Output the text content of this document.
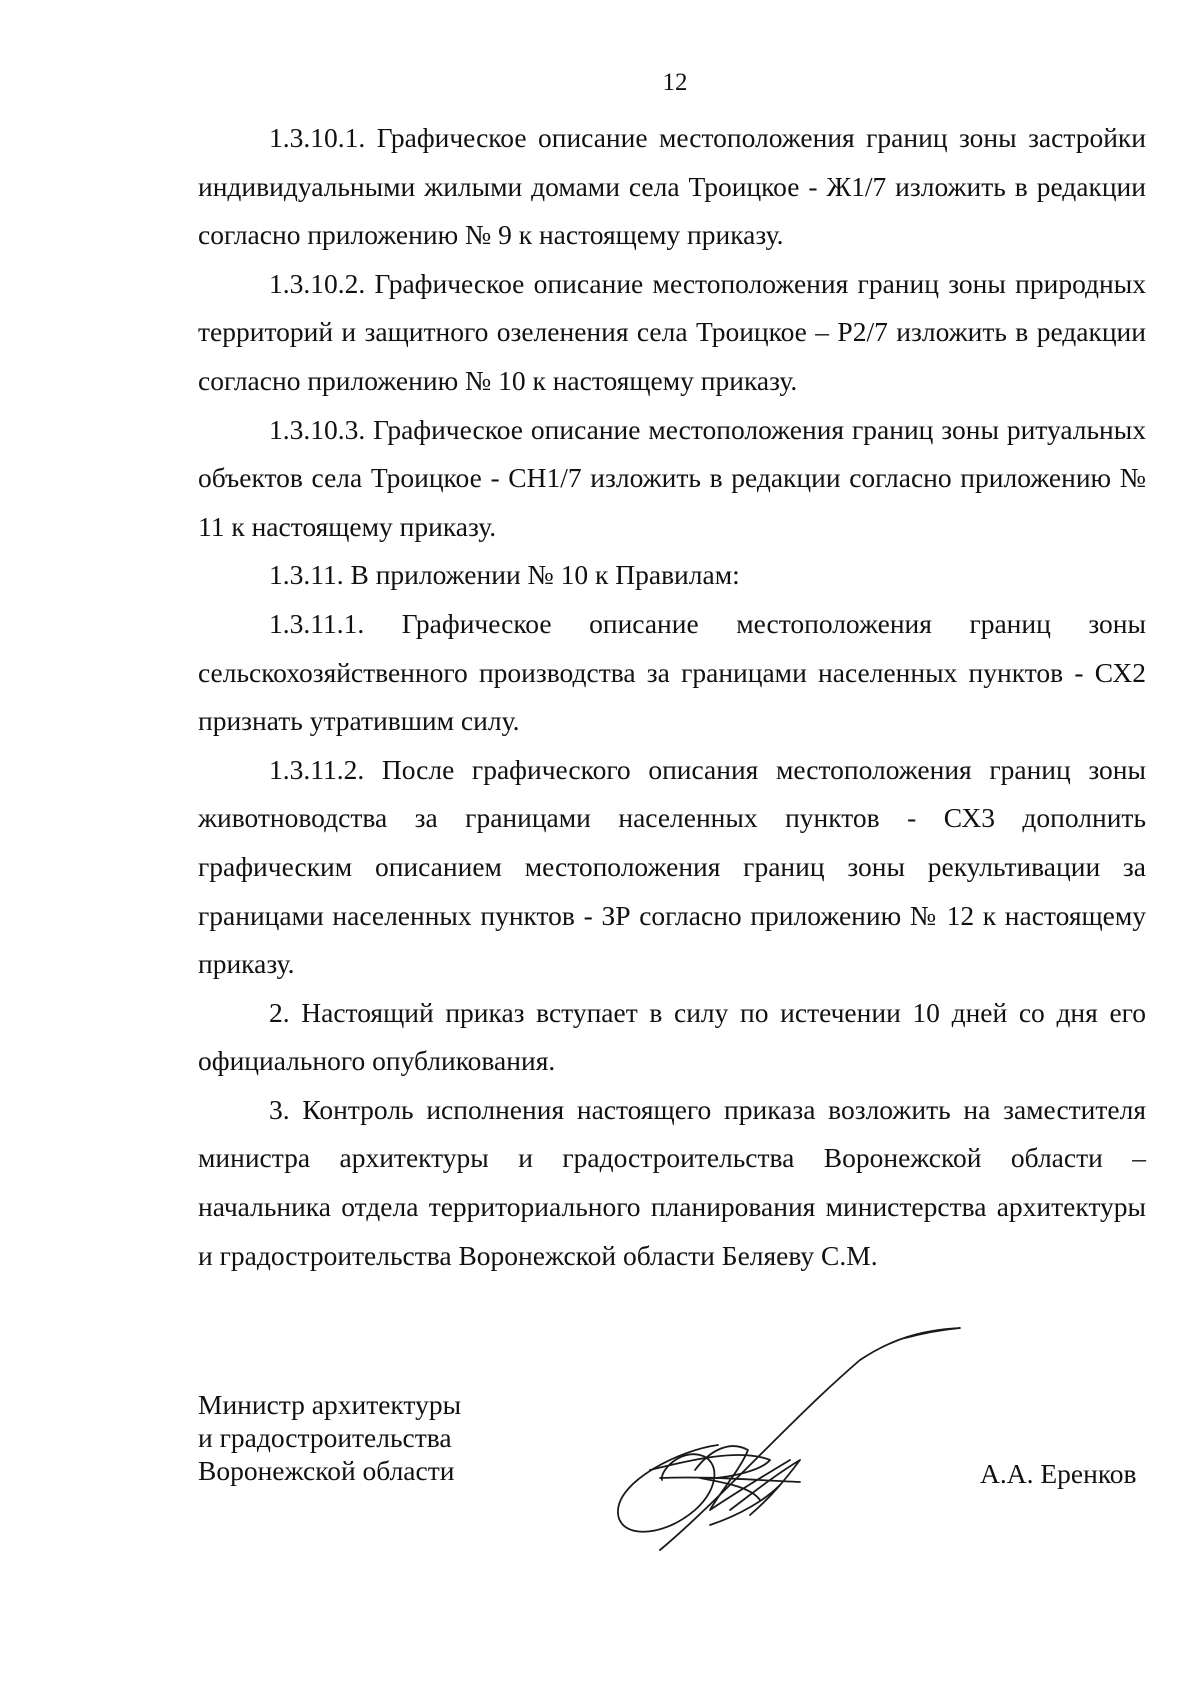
12

1.3.10.1. Графическое описание местоположения границ зоны застройки индивидуальными жилыми домами села Троицкое - Ж1/7 изложить в редакции согласно приложению № 9 к настоящему приказу.

1.3.10.2. Графическое описание местоположения границ зоны природных территорий и защитного озеленения села Троицкое – Р2/7 изложить в редакции согласно приложению № 10 к настоящему приказу.

1.3.10.3. Графическое описание местоположения границ зоны ритуальных объектов села Троицкое - СН1/7 изложить в редакции согласно приложению № 11 к настоящему приказу.

1.3.11. В приложении № 10 к Правилам:

1.3.11.1. Графическое описание местоположения границ зоны сельскохозяйственного производства за границами населенных пунктов - СХ2 признать утратившим силу.

1.3.11.2. После графического описания местоположения границ зоны животноводства за границами населенных пунктов - СХ3 дополнить графическим описанием местоположения границ зоны рекультивации за границами населенных пунктов - ЗР согласно приложению № 12 к настоящему приказу.

2. Настоящий приказ вступает в силу по истечении 10 дней со дня его официального опубликования.

3. Контроль исполнения настоящего приказа возложить на заместителя министра архитектуры и градостроительства Воронежской области – начальника отдела территориального планирования министерства архитектуры и градостроительства Воронежской области Беляеву С.М.

Министр архитектуры
и градостроительства
Воронежской области	А.А. Еренков
